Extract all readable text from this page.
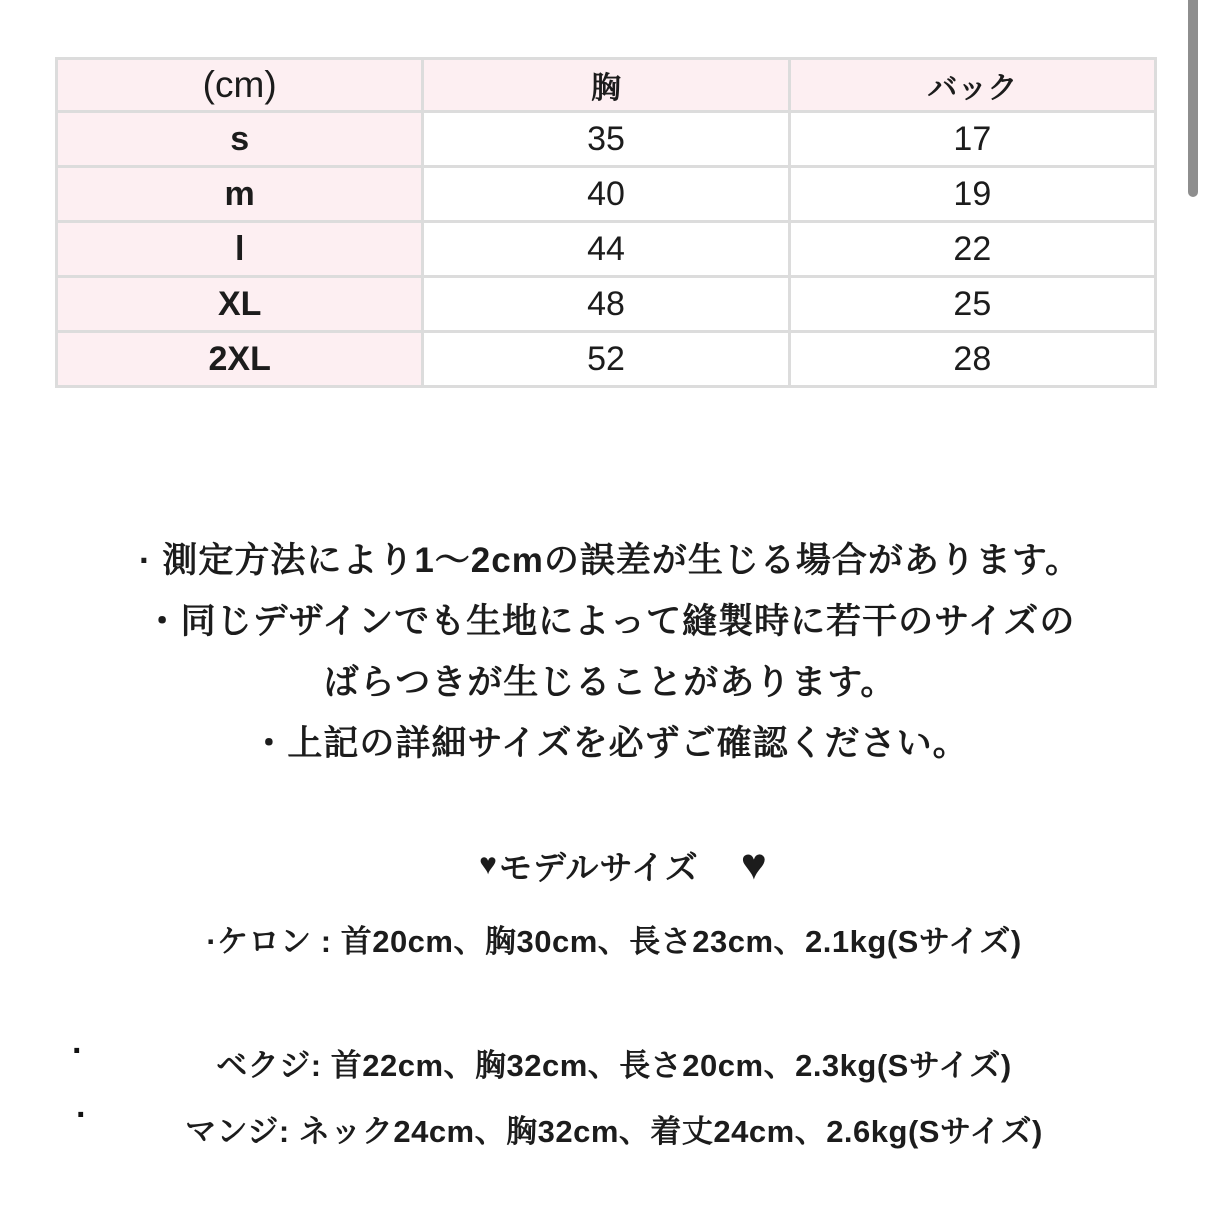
(cm)	胸	バック
s	35	17
m	40	19
l	44	22
XL	48	25
2XL	52	28
· 測定方法により1〜2cmの誤差が生じる場合があります。
・同じデザインでも生地によって縫製時に若干のサイズの
ばらつきが生じることがあります。
・上記の詳細サイズを必ずご確認ください。
♥ モデルサイズ ♥
·ケロン : 首20cm、胸30cm、長さ23cm、2.1kg(Sサイズ)
ベクジ: 首22cm、胸32cm、長さ20cm、2.3kg(Sサイズ)
マンジ: ネック24cm、胸32cm、着丈24cm、2.6kg(Sサイズ)
·
·
